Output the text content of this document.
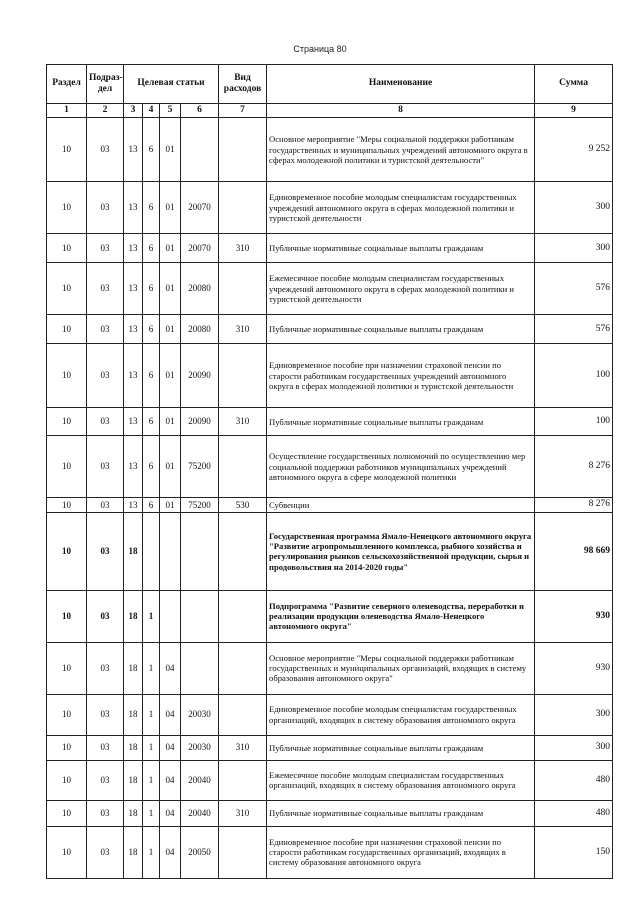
Страница 80
Раздел	Подраз-дел	Целевая статьи				Вид расходов	Наименование	Сумма
1	2	3	4	5	6	7	8	9
10	03	13	6	01			Основное мероприятие "Меры социальной поддержки работникам государственных и муниципальных учреждений автономного округа в сферах молодежной политики и туристской деятельности"	9 252
10	03	13	6	01	20070		Единовременное пособие молодым специалистам государственных учреждений автономного округа в сферах молодежной политики и туристской деятельности	300
10	03	13	6	01	20070	310	Публичные нормативные социальные выплаты гражданам	300
10	03	13	6	01	20080		Ежемесячное пособие молодым специалистам государственных учреждений автономного округа в сферах молодежной политики и туристской деятельности	576
10	03	13	6	01	20080	310	Публичные нормативные социальные выплаты гражданам	576
10	03	13	6	01	20090		Единовременное пособие при назначении страховой пенсии по старости работникам государственных учреждений автономного округа в сферах молодежной политики и туристской деятельности	100
10	03	13	6	01	20090	310	Публичные нормативные социальные выплаты гражданам	100
10	03	13	6	01	75200		Осуществление государственных полномочий по осуществлению мер социальной поддержки работников муниципальных учреждений автономного округа в сфере молодежной политики	8 276
10	03	13	6	01	75200	530	Субвенции	8 276
10	03	18					Государственная программа Ямало-Ненецкого автономного округа "Развитие агропромышленного комплекса, рыбного хозяйства и регулирования рынков сельскохозяйственной продукции, сырья и продовольствия на 2014-2020 годы"	98 669
10	03	18	1				Подпрограмма "Развитие северного оленеводства, переработки и реализации продукции оленеводства Ямало-Ненецкого автономного округа"	930
10	03	18	1	04			Основное мероприятие "Меры социальной поддержки работникам государственных и муниципальных организаций, входящих в систему образования автономного округа"	930
10	03	18	1	04	20030		Единовременное пособие молодым специалистам государственных организаций, входящих в систему образования автономного округа	300
10	03	18	1	04	20030	310	Публичные нормативные социальные выплаты гражданам	300
10	03	18	1	04	20040		Ежемесячное пособие молодым специалистам государственных организаций, входящих в систему образования автономного округа	480
10	03	18	1	04	20040	310	Публичные нормативные социальные выплаты гражданам	480
10	03	18	1	04	20050		Единовременное пособие при назначении страховой пенсии по старости работникам государственных организаций, входящих в систему образования автономного округа	150
